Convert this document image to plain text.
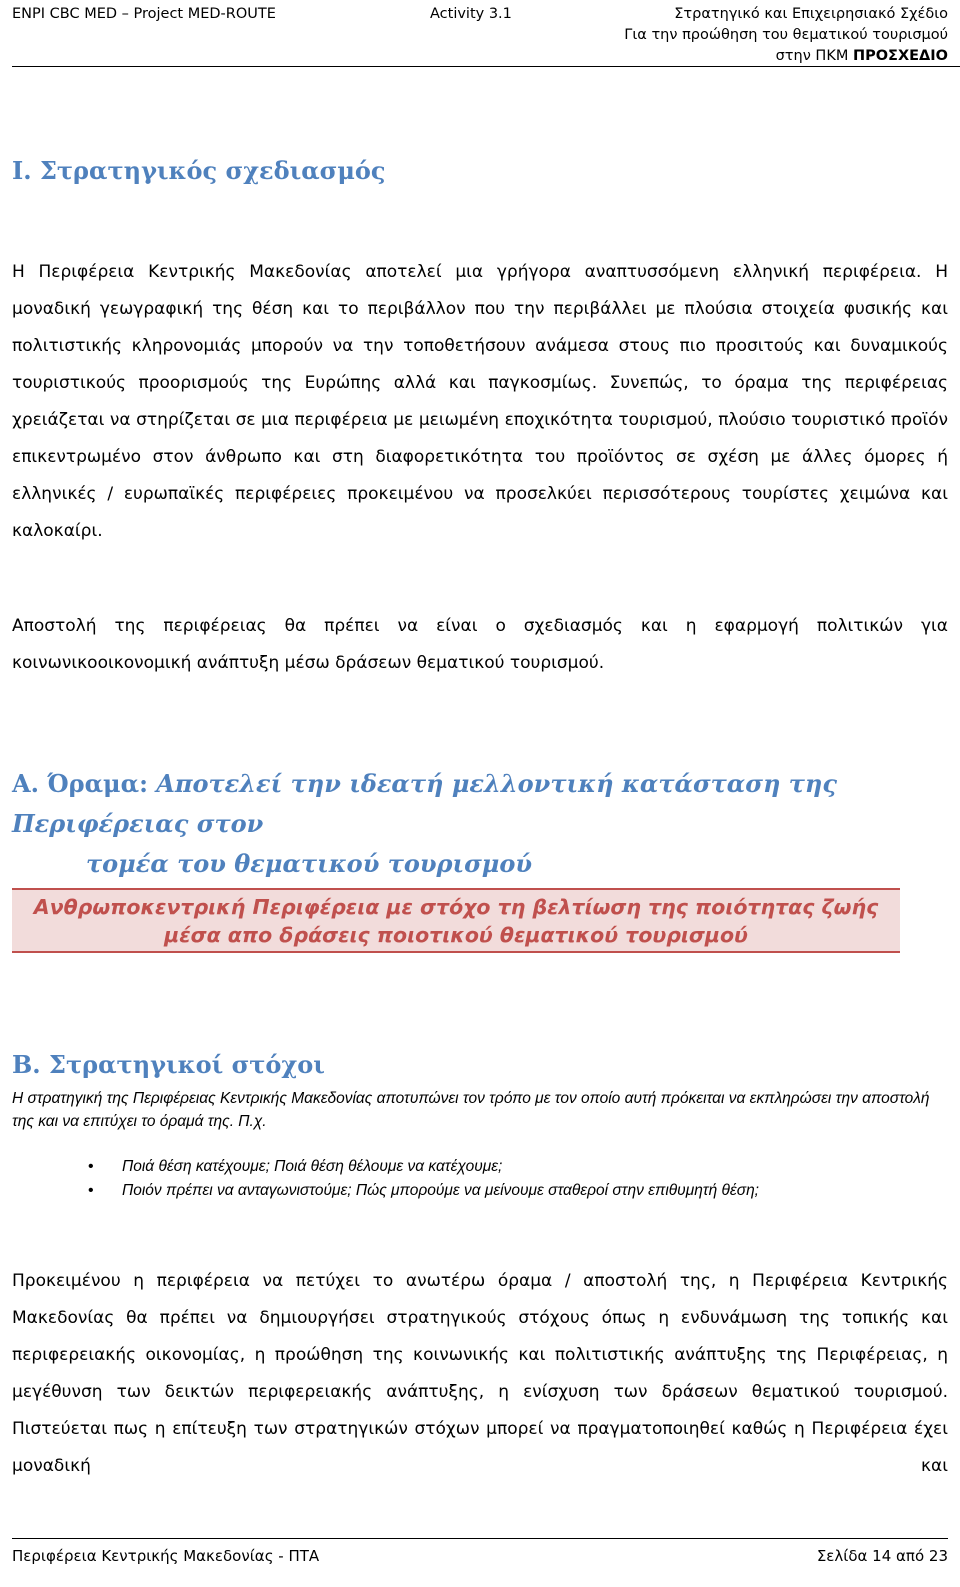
ENPI CBC MED – Project MED-ROUTE	Activity 3.1	Στρατηγικό και Επιχειρησιακό Σχέδιο
Για την προώθηση του θεματικού τουρισμού
στην ΠΚΜ ΠΡΟΣΧΕΔΙΟ
I. Στρατηγικός σχεδιασμός

Η Περιφέρεια Κεντρικής Μακεδονίας αποτελεί μια γρήγορα αναπτυσσόμενη ελληνική περιφέρεια. Η μοναδική γεωγραφική της θέση και το περιβάλλον που την περιβάλλει με πλούσια στοιχεία φυσικής και πολιτιστικής κληρονομιάς μπορούν να την τοποθετήσουν ανάμεσα στους πιο προσιτούς και δυναμικούς τουριστικούς προορισμούς της Ευρώπης αλλά και παγκοσμίως. Συνεπώς, το όραμα της περιφέρειας χρειάζεται να στηρίζεται σε μια περιφέρεια με μειωμένη εποχικότητα τουρισμού, πλούσιο τουριστικό προϊόν επικεντρωμένο στον άνθρωπο και στη διαφορετικότητα του προϊόντος σε σχέση με άλλες όμορες ή ελληνικές / ευρωπαϊκές περιφέρειες προκειμένου να προσελκύει περισσότερους τουρίστες χειμώνα και καλοκαίρι.

Αποστολή της περιφέρειας θα πρέπει να είναι ο σχεδιασμός και η εφαρμογή πολιτικών για κοινωνικοοικονομική ανάπτυξη μέσω δράσεων θεματικού τουρισμού.

Α. Όραμα: Αποτελεί την ιδεατή μελλοντική κατάσταση της Περιφέρειας στον
τομέα του θεματικού τουρισμού
Ανθρωποκεντρική Περιφέρεια με στόχο τη βελτίωση της ποιότητας ζωής
μέσα απο δράσεις ποιοτικού θεματικού τουρισμού
B. Στρατηγικοί στόχοι

Η στρατηγική της Περιφέρειας Κεντρικής Μακεδονίας αποτυπώνει τον τρόπο με τον οποίο αυτή πρόκειται να εκπληρώσει την αποστολή της και να επιτύχει το όραμά της. Π.χ.

• Ποιά θέση κατέχουμε; Ποιά θέση θέλουμε να κατέχουμε;
• Ποιόν πρέπει να ανταγωνιστούμε; Πώς μπορούμε να μείνουμε σταθεροί στην επιθυμητή θέση;

Προκειμένου η περιφέρεια να πετύχει το ανωτέρω όραμα / αποστολή της, η Περιφέρεια Κεντρικής Μακεδονίας θα πρέπει να δημιουργήσει στρατηγικούς στόχους όπως η ενδυνάμωση της τοπικής και περιφερειακής οικονομίας, η προώθηση της κοινωνικής και πολιτιστικής ανάπτυξης της Περιφέρειας, η μεγέθυνση των δεικτών περιφερειακής ανάπτυξης, η ενίσχυση των δράσεων θεματικού τουρισμού. Πιστεύεται πως η επίτευξη των στρατηγικών στόχων μπορεί να πραγματοποιηθεί καθώς η Περιφέρεια έχει μοναδική και

Περιφέρεια Κεντρικής Μακεδονίας - ΠΤΑ	Σελίδα 14 από 23
